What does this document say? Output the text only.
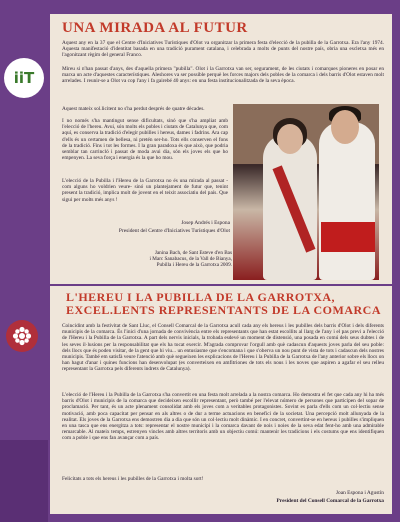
iiT
UNA MIRADA AL FUTUR

Aquest any en la 37 que el Centre d'Iniciatives Turístiques d'Olot va organitzar la primera festa d'elecció de la pubilla de la Garrotxa. Era l'any 1974. Aquesta manifestació d'identitat basada en una tradició purament catalana, i celebrada a molts de punts del nostre país, obria una escletxa més en l'agonitzant règim del general Franco.

Mireu si n'han passat d'anys, des d'aquella primera "pubilla". Olot i la Garrotxa van ser, segurament, de les ciutats i comarques pioneres en posar en marxa un acte d'aquestes característiques. Aleshores va ser possible perquè les forces majors dels pobles de la comarca i dels barris d'Olot estaven molt arrelades. I reunir-se a Olot va cop l'any i fa gairebé 40 anys: en una festa institucionalitzada de la seva època.

Aquest mateix sol.licitent no s'ha perdut després de quatre dècades.

I no només s'ha mantingut sense dificultats, sinó que s'ha ampliat amb l'elecció de l'hereu. Avui, són molts els pobles i ciutats de Catalunya que, com aquí, es conserva la tradició d'elegir pubilles i hereus, dames i fadrins. Ara cap d'ells és un certamen de bellesa, ni pretén ser-ho. Tots ells conserven el fons de la tradició. Fins i tot les formes. I la gran paradoxa és que això, que podria semblar tan carrincló i passat de moda avui dia, són els joves els que ho empenyen. La seva força i energia és la que ho mou.

L'elecció de la Pubilla i l'Hereu de la Garrotxa no és una mirada al passat -com alguns ho voldrien veure- sinó un plantejament de futur que, tenint present la tradició, implica molt de jovent en el teixit associatiu del país. Que sigui per molts més anys !

Josep Andrés i Espona

President del Centre d'Iniciatives Turístiques d'Olot

Janina Bach, de Sant Esteve d'en Bas
i Marc Sanabacus, de la Vall de Bianya,
Pubilla i Hereu de la Garrotxa 2009.

L'HEREU I LA PUBILLA DE LA GARROTXA,
EXCEL.LENTS REPRESENTANTS DE LA COMARCA

Coincidint amb la festivitat de Sant Lluc, el Consell Comarcal de la Garrotxa acull cada any els hereus i les pubilles dels barris d'Olot i dels diferents municipis de la comarca. És l'inici d'una jornada de convivència entre els representants que han estat escollits al llarg de l'any i el pas previ a l'elecció de l'Hereu i la Pubilla de la Garrotxa. A part dels nervis inicials, la trobada esdevé un moment de distensió, una posada en comú dels seus dubtes i de les seves il·lusions per la responsabilitat que els ha tocat exercir. M'agrada comprovar l'orgull amb què cadascun d'aquests joves parla del seu poble: dels llocs que és poden visitar, de la gent que hi viu... un entusiasme que s'encomana i que s'oberva un nou punt de vista de tots i cadascun dels nostres municipis. També em satisfà veure l'atenció amb què segueixen les explicacions de l'Hereu i la Pubilla de la Garrotxa de l'any anterior sobre els llocs on han hagut d'anar i quines funcions han desenvolupat (es converteixen en amfitriones de tots els nous i les noves que aspiren a agafar el seu relleu representant la Garrotxa pels diferents indrets de Catalunya).

L'elecció de l'Hereu i la Pubilla de la Garrotxa s'ha convertit en una festa molt arrelada a la nostra comarca. Ho demostra el fet que cada any hi ha més barris d'Olot i municipis de la comarca que decideixen escollir representant, però també per l'elevat número de persones que participen del sopar de proclamació. Per tant, és un acte plenament consolidat amb els joves com a veritables protagonistes. Sovint es parla d'ells com un col·lectiu sense motivació, amb poca capacitat per pensar en als altres o de dur a terme actuacions en benefici de la societat. Una percepció molt allunyada de la realitat. Els joves de la Garrotxa ens demostren dia a dia que són un col·lectiu molt dinàmic. I en concret, convertint-se en hereus i pubilles s'impliquen en una tasca que ens energitza a tots: representar el nostre municipi i la comarca davant de nois i noies de la seva edat fent-ho amb una admirable remarcable. Al mateix temps, estrenyen vincles amb altres territoris amb un objectiu comú: mantenir les tradicions i els costums que ens identifiquen com a poble i que ens fan avançar com a país.

Felicitats a tots els hereus i les pubilles de la Garrotxa i molta sort!

Joan Espona i Agustín

President del Consell Comarcal de la Garrotxa
